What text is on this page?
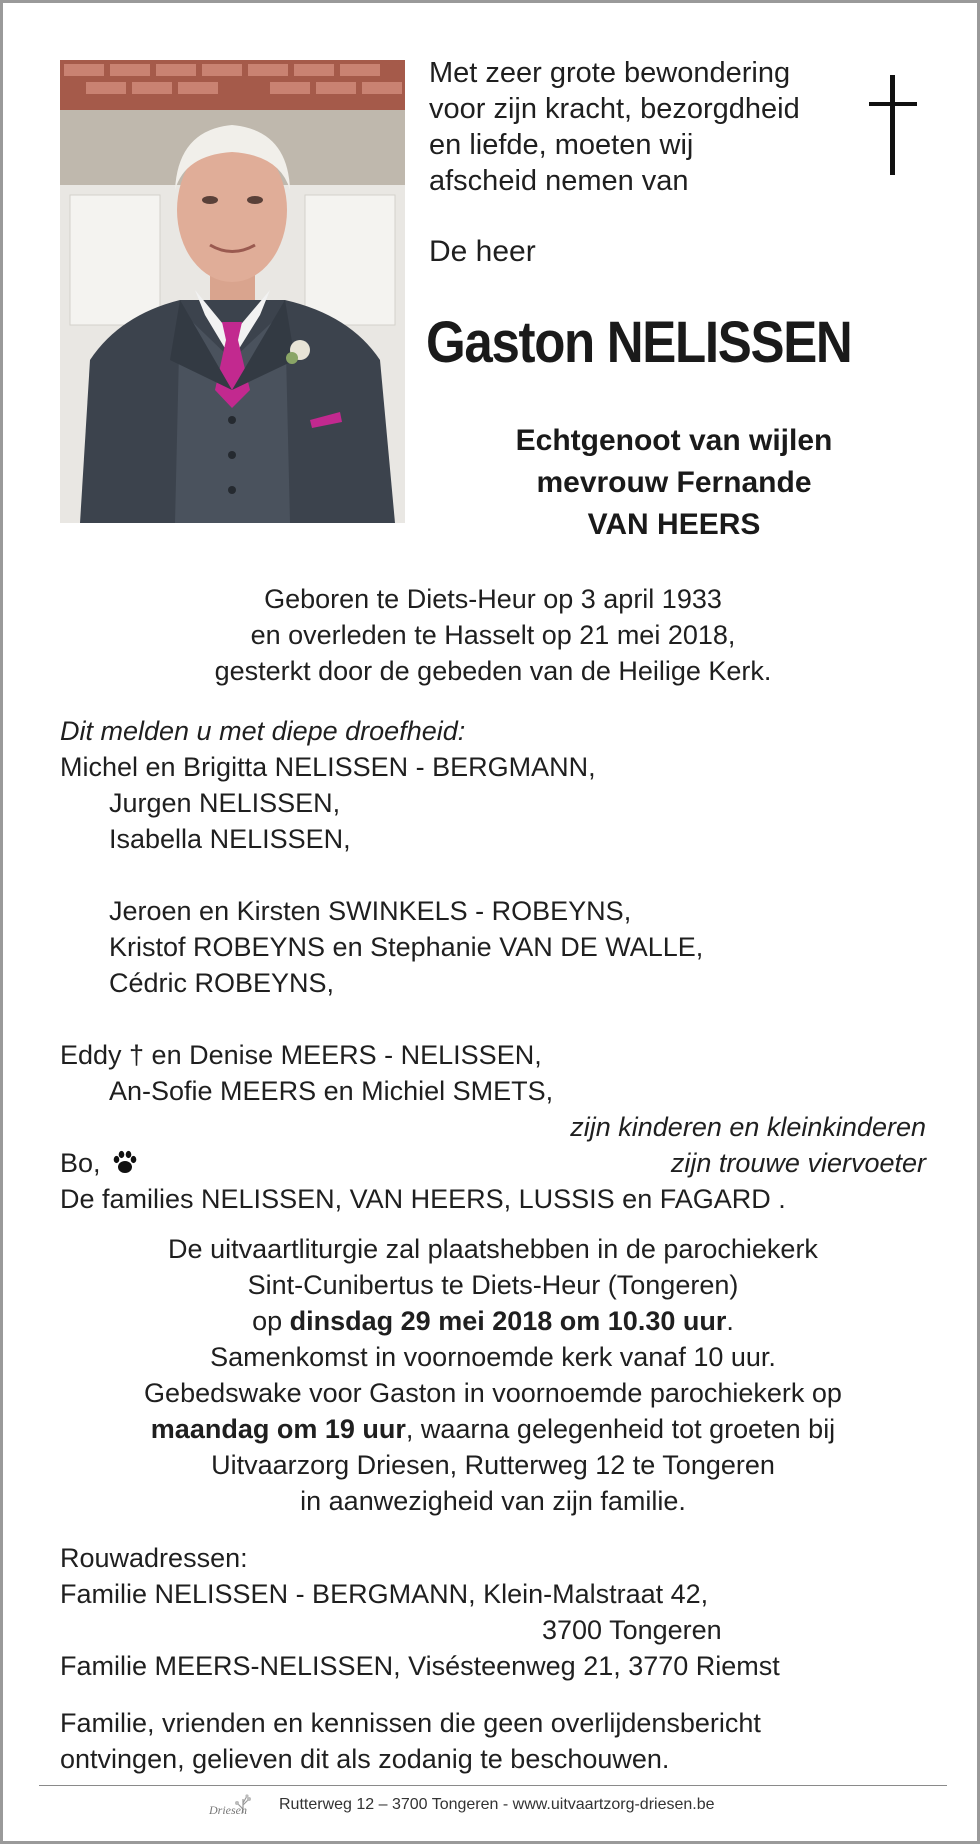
Met zeer grote bewondering
voor zijn kracht, bezorgdheid
en liefde, moeten wij
afscheid nemen van
De heer
Gaston NELISSEN
Echtgenoot van wijlen
mevrouw Fernande
VAN HEERS
Geboren te Diets-Heur op 3 april 1933
en overleden te Hasselt op 21 mei 2018,
gesterkt door de gebeden van de Heilige Kerk.
Dit melden u met diepe droefheid:
Michel en Brigitta NELISSEN - BERGMANN,
Jurgen NELISSEN,
Isabella NELISSEN,
Jeroen en Kirsten SWINKELS - ROBEYNS,
Kristof ROBEYNS en Stephanie VAN DE WALLE,
Cédric ROBEYNS,
Eddy † en Denise MEERS - NELISSEN,
An-Sofie MEERS en Michiel SMETS,
zijn kinderen en kleinkinderen
Bo,	zijn trouwe viervoeter
De families NELISSEN, VAN HEERS, LUSSIS en FAGARD .
De uitvaartliturgie zal plaatshebben in de parochiekerk
Sint-Cunibertus te Diets-Heur (Tongeren)
op dinsdag 29 mei 2018 om 10.30 uur.
Samenkomst in voornoemde kerk vanaf 10 uur.
Gebedswake voor Gaston in voornoemde parochiekerk op
maandag om 19 uur, waarna gelegenheid tot groeten bij
Uitvaarzorg Driesen, Rutterweg 12 te Tongeren
in aanwezigheid van zijn familie.
Rouwadressen:
Familie NELISSEN - BERGMANN, Klein-Malstraat 42,
3700 Tongeren
Familie MEERS-NELISSEN, Visésteenweg 21, 3770 Riemst
Familie, vrienden en kennissen die geen overlijdensbericht
ontvingen, gelieven dit als zodanig te beschouwen.
Driesen Rutterweg 12 – 3700 Tongeren - www.uitvaartzorg-driesen.be
